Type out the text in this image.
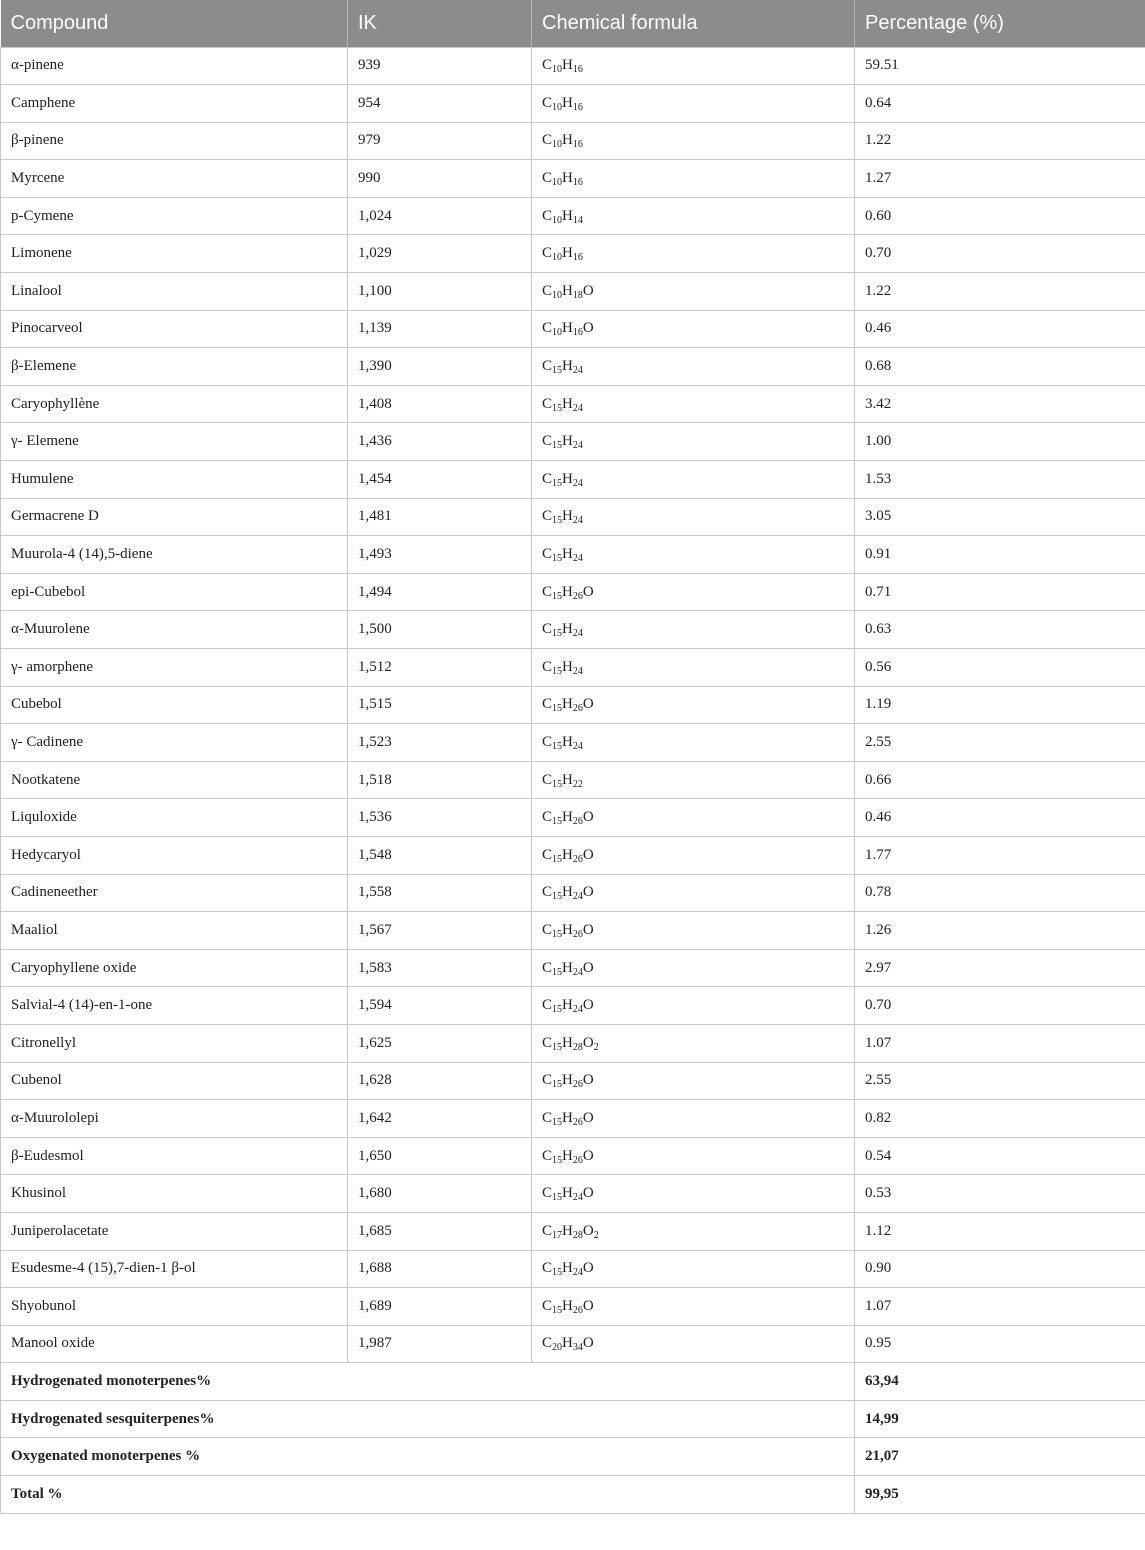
Compound	IK	Chemical formula	Percentage (%)
α-pinene	939	$C_{10}H_{16}$	59.51
Camphene	954	$C_{10}H_{16}$	0.64
β-pinene	979	$C_{10}H_{16}$	1.22
Myrcene	990	$C_{10}H_{16}$	1.27
p-Cymene	1,024	$C_{10}H_{14}$	0.60
Limonene	1,029	$C_{10}H_{16}$	0.70
Linalool	1,100	$C_{10}H_{18}O$	1.22
Pinocarveol	1,139	$C_{10}H_{16}O$	0.46
β-Elemene	1,390	$C_{15}H_{24}$	0.68
Caryophyllène	1,408	$C_{15}H_{24}$	3.42
γ- Elemene	1,436	$C_{15}H_{24}$	1.00
Humulene	1,454	$C_{15}H_{24}$	1.53
Germacrene D	1,481	$C_{15}H_{24}$	3.05
Muurola-4 (14),5-diene	1,493	$C_{15}H_{24}$	0.91
epi-Cubebol	1,494	$C_{15}H_{26}O$	0.71
α-Muurolene	1,500	$C_{15}H_{24}$	0.63
γ- amorphene	1,512	$C_{15}H_{24}$	0.56
Cubebol	1,515	$C_{15}H_{26}O$	1.19
γ- Cadinene	1,523	$C_{15}H_{24}$	2.55
Nootkatene	1,518	$C_{15}H_{22}$	0.66
Liquloxide	1,536	$C_{15}H_{26}O$	0.46
Hedycaryol	1,548	$C_{15}H_{26}O$	1.77
Cadineneether	1,558	$C_{15}H_{24}O$	0.78
Maaliol	1,567	$C_{15}H_{26}O$	1.26
Caryophyllene oxide	1,583	$C_{15}H_{24}O$	2.97
Salvial-4 (14)-en-1-one	1,594	$C_{15}H_{24}O$	0.70
Citronellyl	1,625	$C_{15}H_{28}O_2$	1.07
Cubenol	1,628	$C_{15}H_{26}O$	2.55
α-Muurololepi	1,642	$C_{15}H_{26}O$	0.82
β-Eudesmol	1,650	$C_{15}H_{26}O$	0.54
Khusinol	1,680	$C_{15}H_{24}O$	0.53
Juniperolacetate	1,685	$C_{17}H_{28}O_2$	1.12
Esudesme-4 (15),7-dien-1 β-ol	1,688	$C_{15}H_{24}O$	0.90
Shyobunol	1,689	$C_{15}H_{26}O$	1.07
Manool oxide	1,987	$C_{20}H_{34}O$	0.95
Hydrogenated monoterpenes%			63,94
Hydrogenated sesquiterpenes%			14,99
Oxygenated monoterpenes %			21,07
Total %			99,95
